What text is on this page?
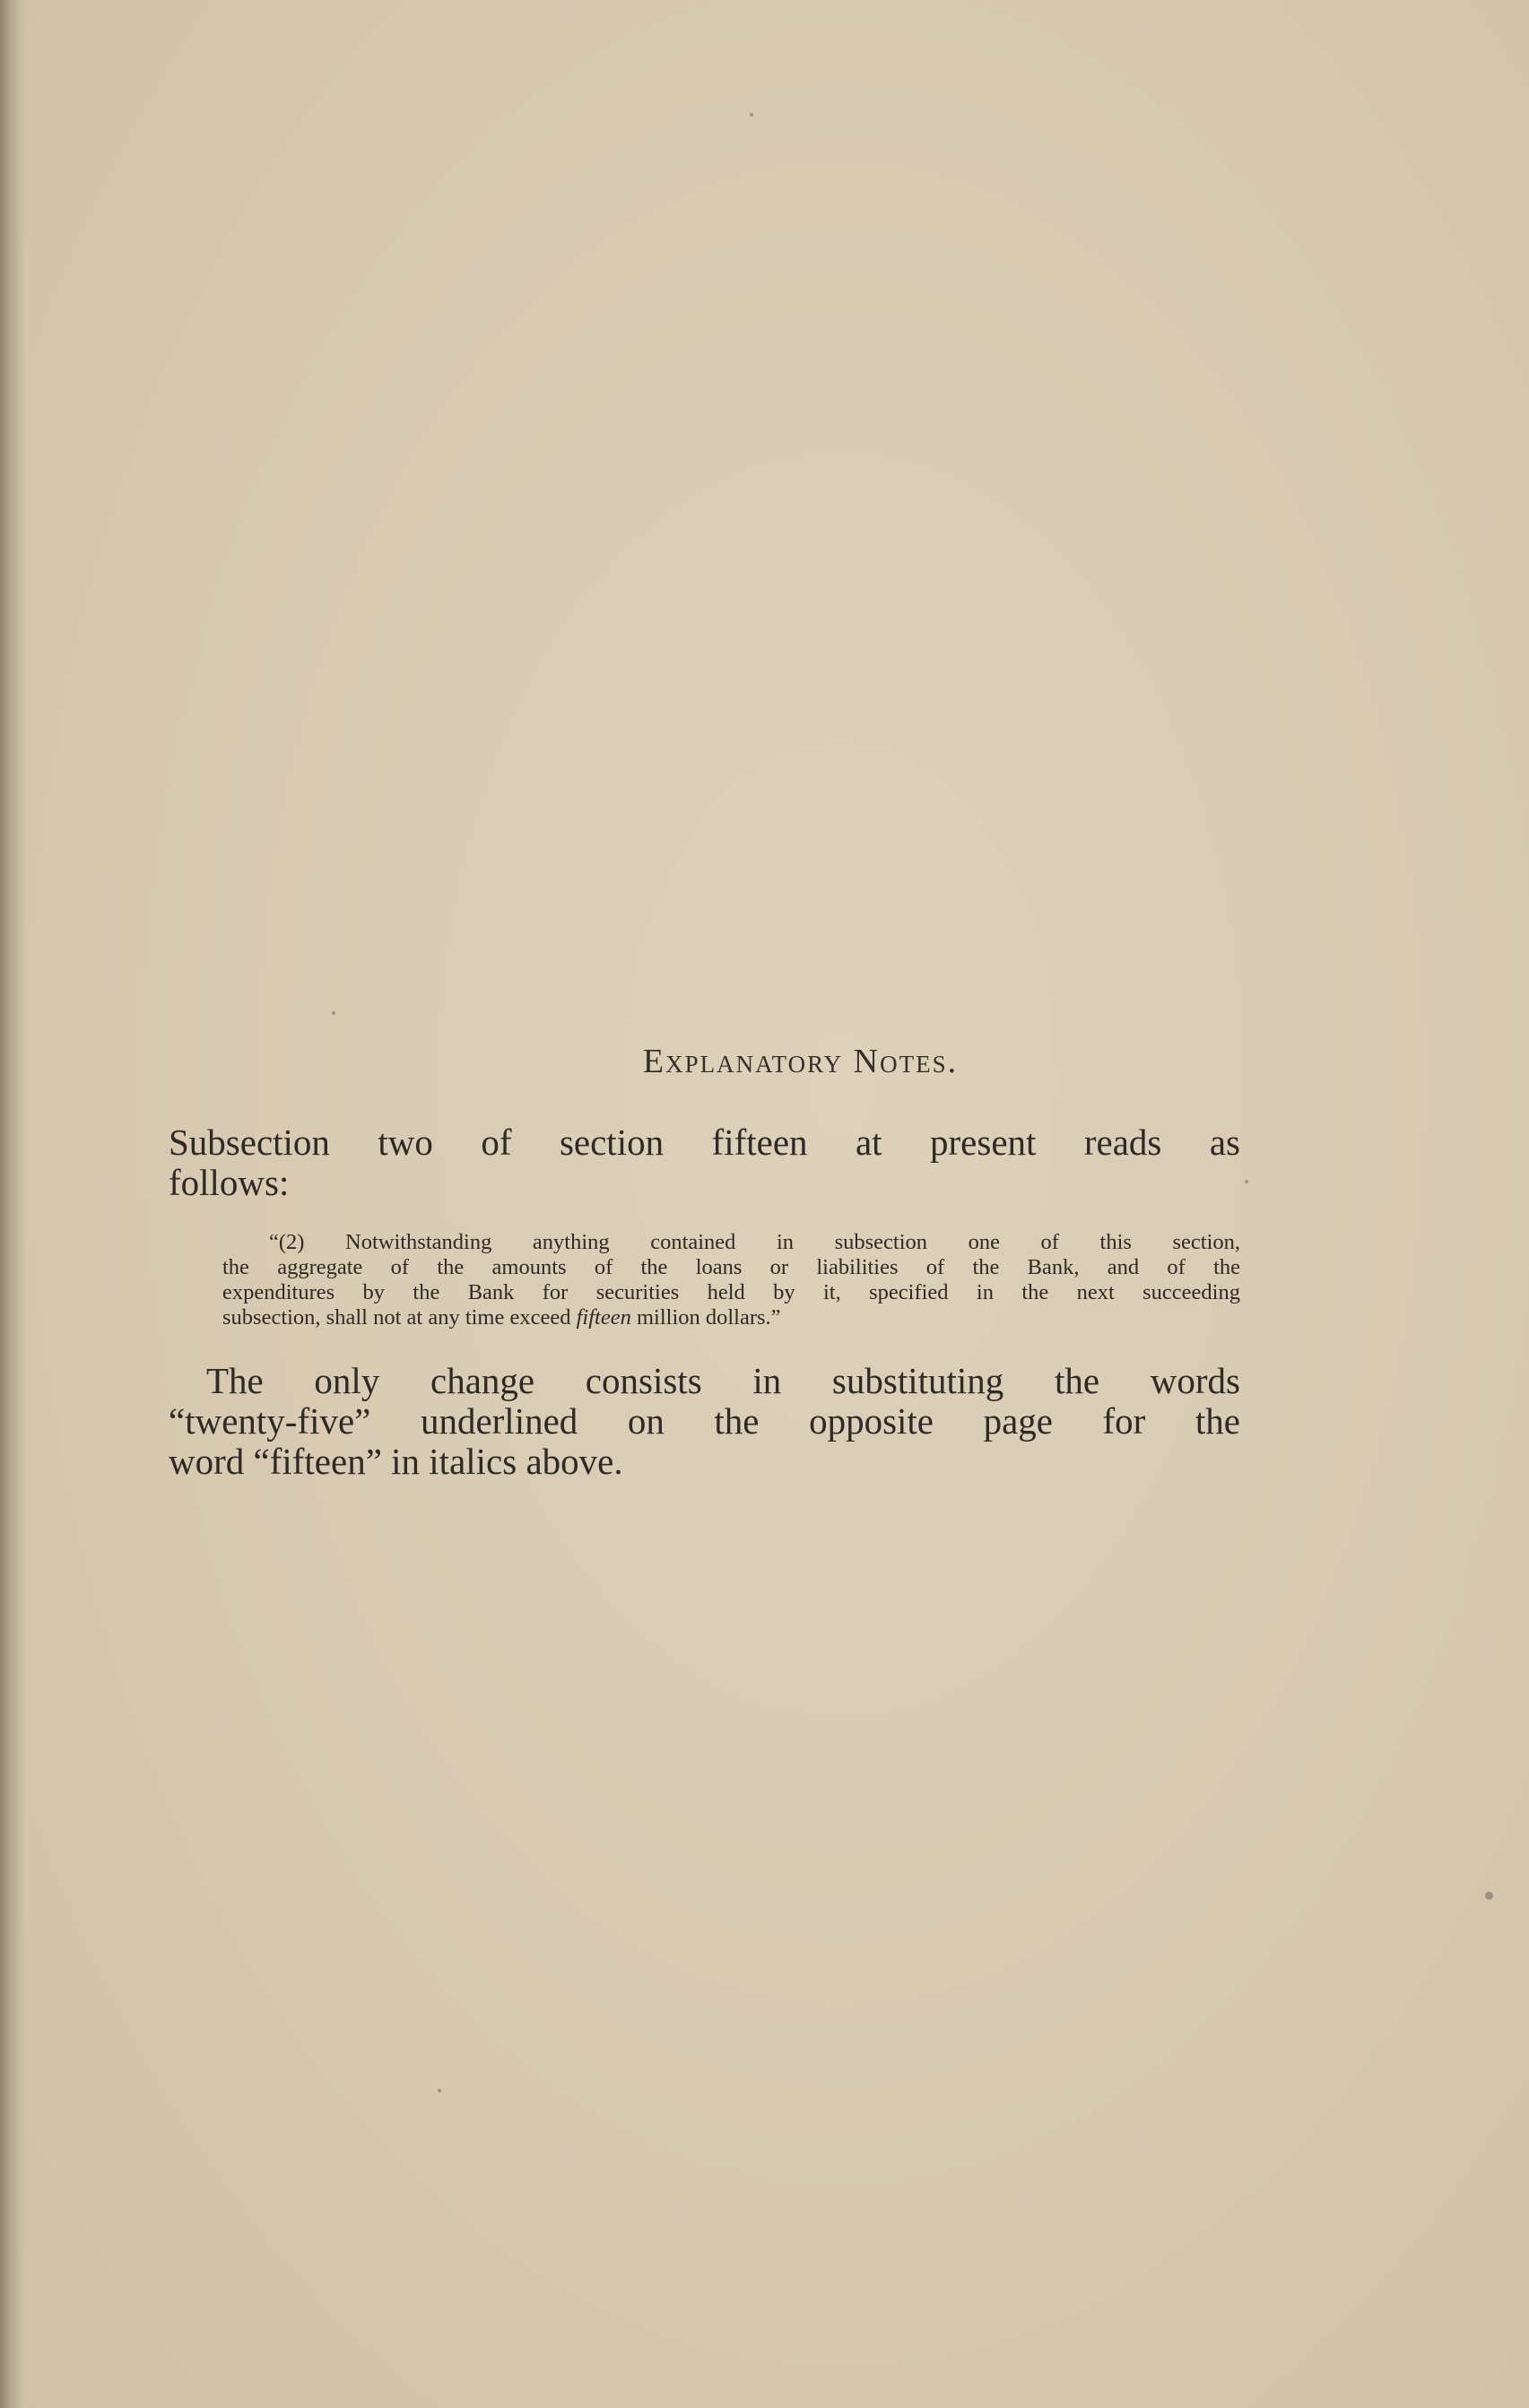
Explanatory Notes.
Subsection two of section fifteen at present reads as
follows:
“(2) Notwithstanding anything contained in subsection one of this section,
the aggregate of the amounts of the loans or liabilities of the Bank, and of the
expenditures by the Bank for securities held by it, specified in the next succeeding
subsection, shall not at any time exceed fifteen million dollars.”
The only change consists in substituting the words
“twenty-five” underlined on the opposite page for the
word “fifteen” in italics above.
